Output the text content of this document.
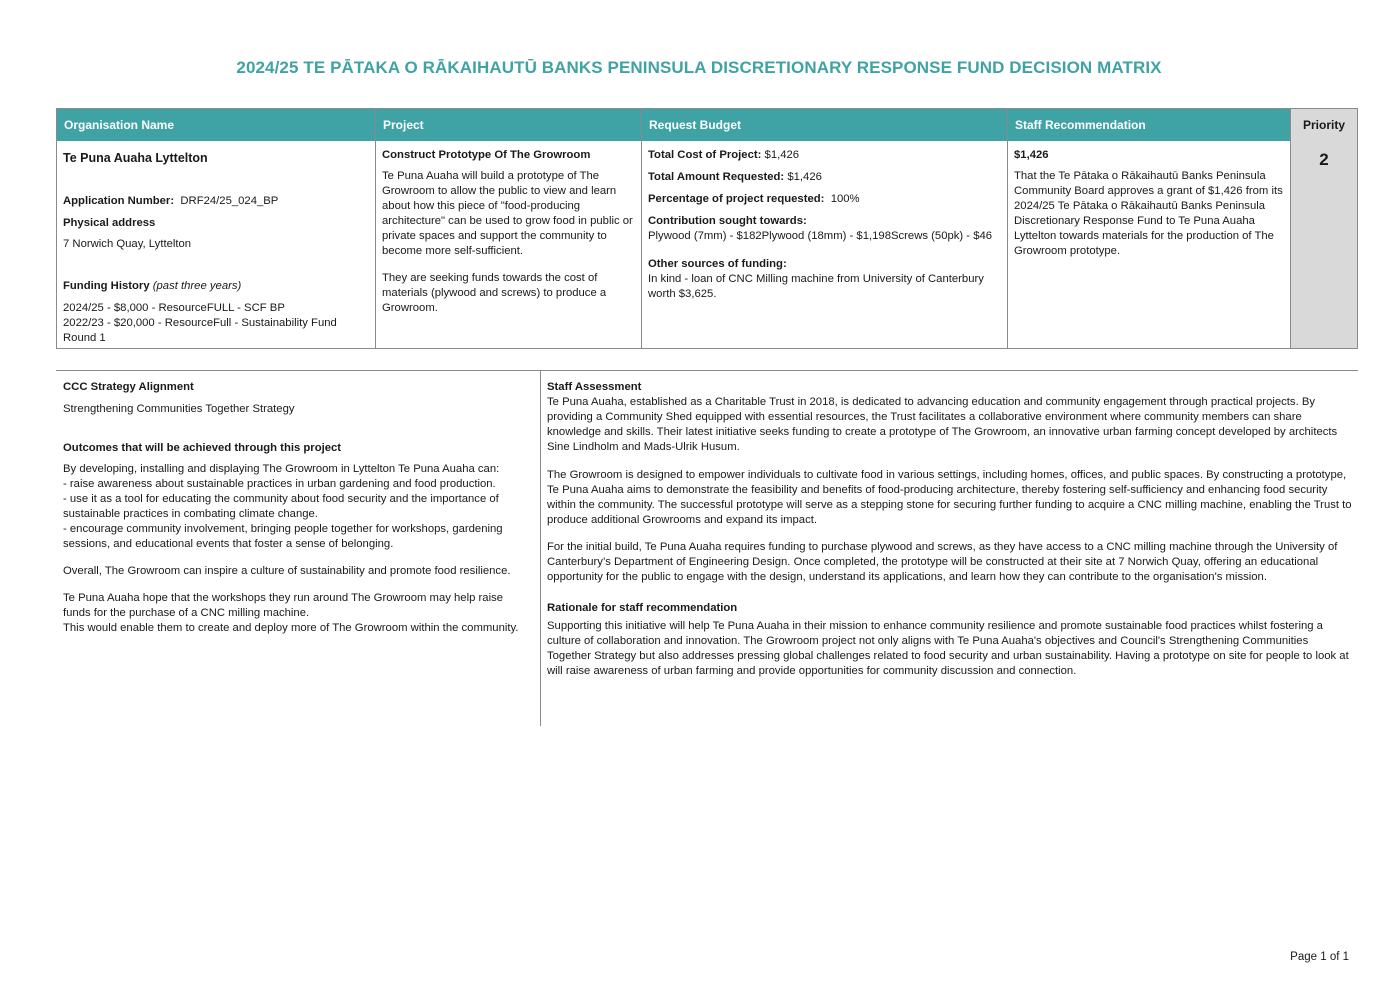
2024/25 TE PĀTAKA O RĀKAIHAUTŪ BANKS PENINSULA DISCRETIONARY RESPONSE FUND DECISION MATRIX
Organisation Name
Te Puna Auaha Lyttelton

Application Number: DRF24/25_024_BP

Physical address

7 Norwich Quay, Lyttelton

Funding History (past three years)

2024/25 - $8,000 - ResourceFULL - SCF BP

2022/23 - $20,000 - ResourceFull - Sustainability Fund Round 1

Project

Construct Prototype Of The Growroom

Te Puna Auaha will build a prototype of The Growroom to allow the public to view and learn about how this piece of "food-producing architecture" can be used to grow food in public or private spaces and support the community to become more self-sufficient.

They are seeking funds towards the cost of materials (plywood and screws) to produce a Growroom.

Request Budget

Total Cost of Project: $1,426

Total Amount Requested: $1,426

Percentage of project requested: 100%

Contribution sought towards:

Plywood (7mm) - $182Plywood (18mm) - $1,198Screws (50pk) - $46

Other sources of funding:

In kind - loan of CNC Milling machine from University of Canterbury worth $3,625.

Staff Recommendation

$1,426

That the Te Pātaka o Rākaihautū Banks Peninsula Community Board approves a grant of $1,426 from its 2024/25 Te Pātaka o Rākaihautū Banks Peninsula Discretionary Response Fund to Te Puna Auaha Lyttelton towards materials for the production of The Growroom prototype.

Priority
2

CCC Strategy Alignment

Strengthening Communities Together Strategy

Outcomes that will be achieved through this project

By developing, installing and displaying The Growroom in Lyttelton Te Puna Auaha can:

- raise awareness about sustainable practices in urban gardening and food production.

- use it as a tool for educating the community about food security and the importance of sustainable practices in combating climate change.

- encourage community involvement, bringing people together for workshops, gardening sessions, and educational events that foster a sense of belonging.

Overall, The Growroom can inspire a culture of sustainability and promote food resilience.

Te Puna Auaha hope that the workshops they run around The Growroom may help raise funds for the purchase of a CNC milling machine.

This would enable them to create and deploy more of The Growroom within the community.

Staff Assessment

Te Puna Auaha, established as a Charitable Trust in 2018, is dedicated to advancing education and community engagement through practical projects. By providing a Community Shed equipped with essential resources, the Trust facilitates a collaborative environment where community members can share knowledge and skills. Their latest initiative seeks funding to create a prototype of The Growroom, an innovative urban farming concept developed by architects Sine Lindholm and Mads-Ulrik Husum.

The Growroom is designed to empower individuals to cultivate food in various settings, including homes, offices, and public spaces. By constructing a prototype, Te Puna Auaha aims to demonstrate the feasibility and benefits of food-producing architecture, thereby fostering self-sufficiency and enhancing food security within the community. The successful prototype will serve as a stepping stone for securing further funding to acquire a CNC milling machine, enabling the Trust to produce additional Growrooms and expand its impact.

For the initial build, Te Puna Auaha requires funding to purchase plywood and screws, as they have access to a CNC milling machine through the University of Canterbury’s Department of Engineering Design. Once completed, the prototype will be constructed at their site at 7 Norwich Quay, offering an educational opportunity for the public to engage with the design, understand its applications, and learn how they can contribute to the organisation's mission.

Rationale for staff recommendation

Supporting this initiative will help Te Puna Auaha in their mission to enhance community resilience and promote sustainable food practices whilst fostering a culture of collaboration and innovation. The Growroom project not only aligns with Te Puna Auaha's objectives and Council's Strengthening Communities Together Strategy but also addresses pressing global challenges related to food security and urban sustainability. Having a prototype on site for people to look at will raise awareness of urban farming and provide opportunities for community discussion and connection.

Page 1 of 1
